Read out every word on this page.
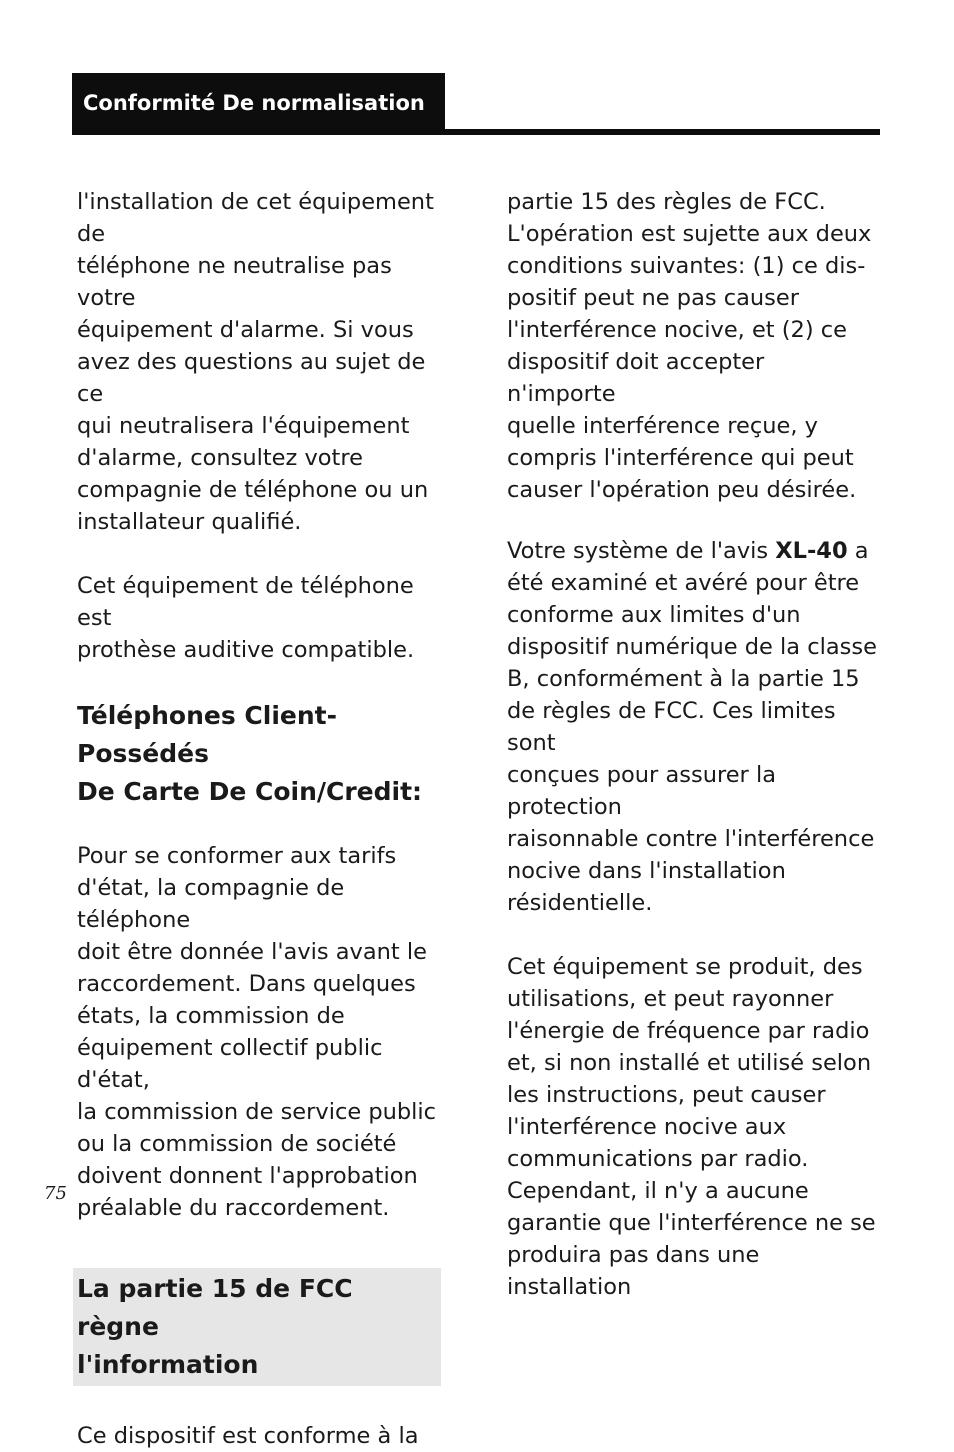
Conformité De normalisation

l'installation de cet équipement de
téléphone ne neutralise pas votre
équipement d'alarme. Si vous
avez des questions au sujet de ce
qui neutralisera l'équipement
d'alarme, consultez votre
compagnie de téléphone ou un
installateur qualifié.

Cet équipement de téléphone est
prothèse auditive compatible.

Téléphones Client-Possédés
De Carte De Coin/Credit:

Pour se conformer aux tarifs
d'état, la compagnie de téléphone
doit être donnée l'avis avant le
raccordement. Dans quelques
états, la commission de
équipement collectif public d'état,
la commission de service public
ou la commission de société
doivent donnent l'approbation
préalable du raccordement.

La partie 15 de FCC règne
l'information

Ce dispositif est conforme à la

partie 15 des règles de FCC.
L'opération est sujette aux deux
conditions suivantes: (1) ce dis-
positif peut ne pas causer
l'interférence nocive, et (2) ce
dispositif doit accepter n'importe
quelle interférence reçue, y
compris l'interférence qui peut
causer l'opération peu désirée.

Votre système de l'avis XL-40 a
été examiné et avéré pour être
conforme aux limites d'un
dispositif numérique de la classe
B, conformément à la partie 15
de règles de FCC. Ces limites sont
conçues pour assurer la protection
raisonnable contre l'interférence
nocive dans l'installation
résidentielle.

Cet équipement se produit, des
utilisations, et peut rayonner
l'énergie de fréquence par radio
et, si non installé et utilisé selon
les instructions, peut causer
l'interférence nocive aux
communications par radio.
Cependant, il n'y a aucune
garantie que l'interférence ne se
produira pas dans une installation

75
